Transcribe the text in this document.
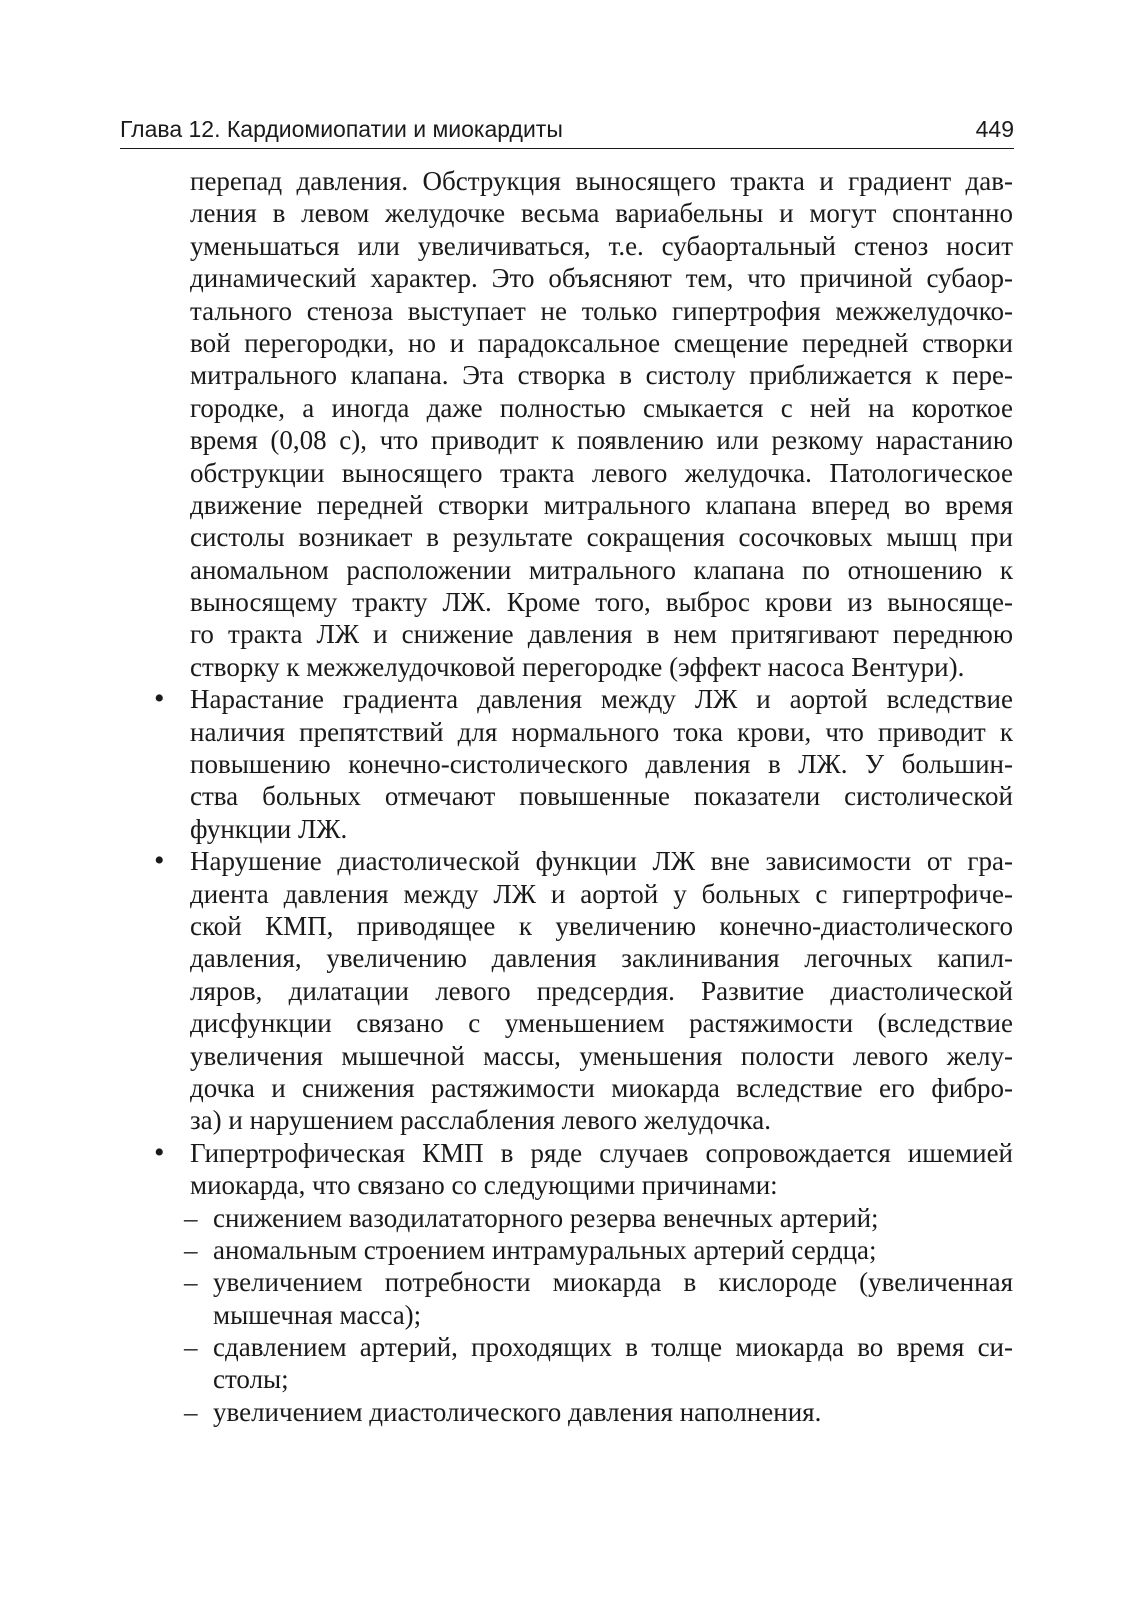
Глава 12. Кардиомиопатии и миокардиты	449
перепад давления. Обструкция выносящего тракта и градиент дав-
ления в левом желудочке весьма вариабельны и могут спонтанно
уменьшаться или увеличиваться, т.е. субаортальный стеноз носит
динамический характер. Это объясняют тем, что причиной субаор-
тального стеноза выступает не только гипертрофия межжелудочко-
вой перегородки, но и парадоксальное смещение передней створки
митрального клапана. Эта створка в систолу приближается к пере-
городке, а иногда даже полностью смыкается с ней на короткое
время (0,08 с), что приводит к появлению или резкому нарастанию
обструкции выносящего тракта левого желудочка. Патологическое
движение передней створки митрального клапана вперед во время
систолы возникает в результате сокращения сосочковых мышц при
аномальном расположении митрального клапана по отношению к
выносящему тракту ЛЖ. Кроме того, выброс крови из выносяще-
го тракта ЛЖ и снижение давления в нем притягивают переднюю
створку к межжелудочковой перегородке (эффект насоса Вентури).
• Нарастание градиента давления между ЛЖ и аортой вследствие
наличия препятствий для нормального тока крови, что приводит к
повышению конечно-систолического давления в ЛЖ. У большин-
ства больных отмечают повышенные показатели систолической
функции ЛЖ.
• Нарушение диастолической функции ЛЖ вне зависимости от гра-
диента давления между ЛЖ и аортой у больных с гипертрофиче-
ской КМП, приводящее к увеличению конечно-диастолического
давления, увеличению давления заклинивания легочных капил-
ляров, дилатации левого предсердия. Развитие диастолической
дисфункции связано с уменьшением растяжимости (вследствие
увеличения мышечной массы, уменьшения полости левого желу-
дочка и снижения растяжимости миокарда вследствие его фибро-
за) и нарушением расслабления левого желудочка.
• Гипертрофическая КМП в ряде случаев сопровождается ишемией
миокарда, что связано со следующими причинами:
– снижением вазодилататорного резерва венечных артерий;
– аномальным строением интрамуральных артерий сердца;
– увеличением потребности миокарда в кислороде (увеличенная
мышечная масса);
– сдавлением артерий, проходящих в толще миокарда во время си-
столы;
– увеличением диастолического давления наполнения.
